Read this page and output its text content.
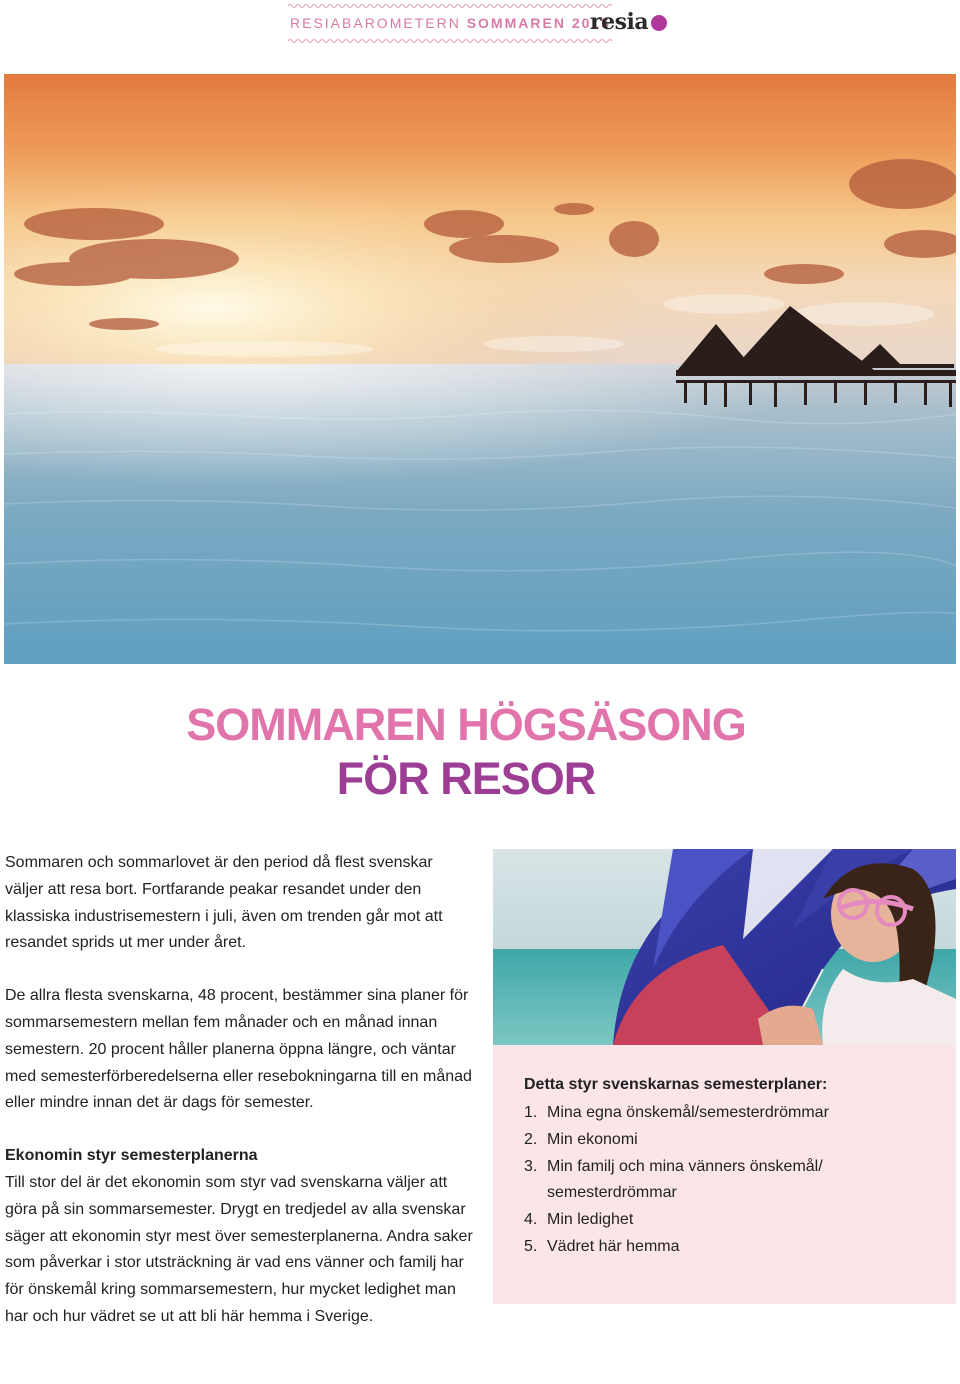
RESIABAROMETERN SOMMAREN 2015
resia
SOMMAREN HÖGSÄSONG
FÖR RESOR

Sommaren och sommarlovet är den period då flest svenskar väljer att resa bort. Fortfarande peakar resandet under den klassiska industrisemestern i juli, även om trenden går mot att resandet sprids ut mer under året.

De allra flesta svenskarna, 48 procent, bestämmer sina planer för sommarsemestern mellan fem månader och en månad innan semestern. 20 procent håller planerna öppna längre, och väntar med semesterförberedelserna eller resebokningarna till en månad eller mindre innan det är dags för semester.

Ekonomin styr semesterplanerna

Till stor del är det ekonomin som styr vad svenskarna väljer att göra på sin sommarsemester. Drygt en tredjedel av alla svenskar säger att ekonomin styr mest över semesterplanerna. Andra saker som påverkar i stor utsträckning är vad ens vänner och familj har för önskemål kring sommarsemestern, hur mycket ledighet man har och hur vädret se ut att bli här hemma i Sverige.

Detta styr svenskarnas semesterplaner:
1. Mina egna önskemål/semesterdrömmar
2. Min ekonomi
3. Min familj och mina vänners önskemål/ semesterdrömmar
4. Min ledighet
5. Vädret här hemma
